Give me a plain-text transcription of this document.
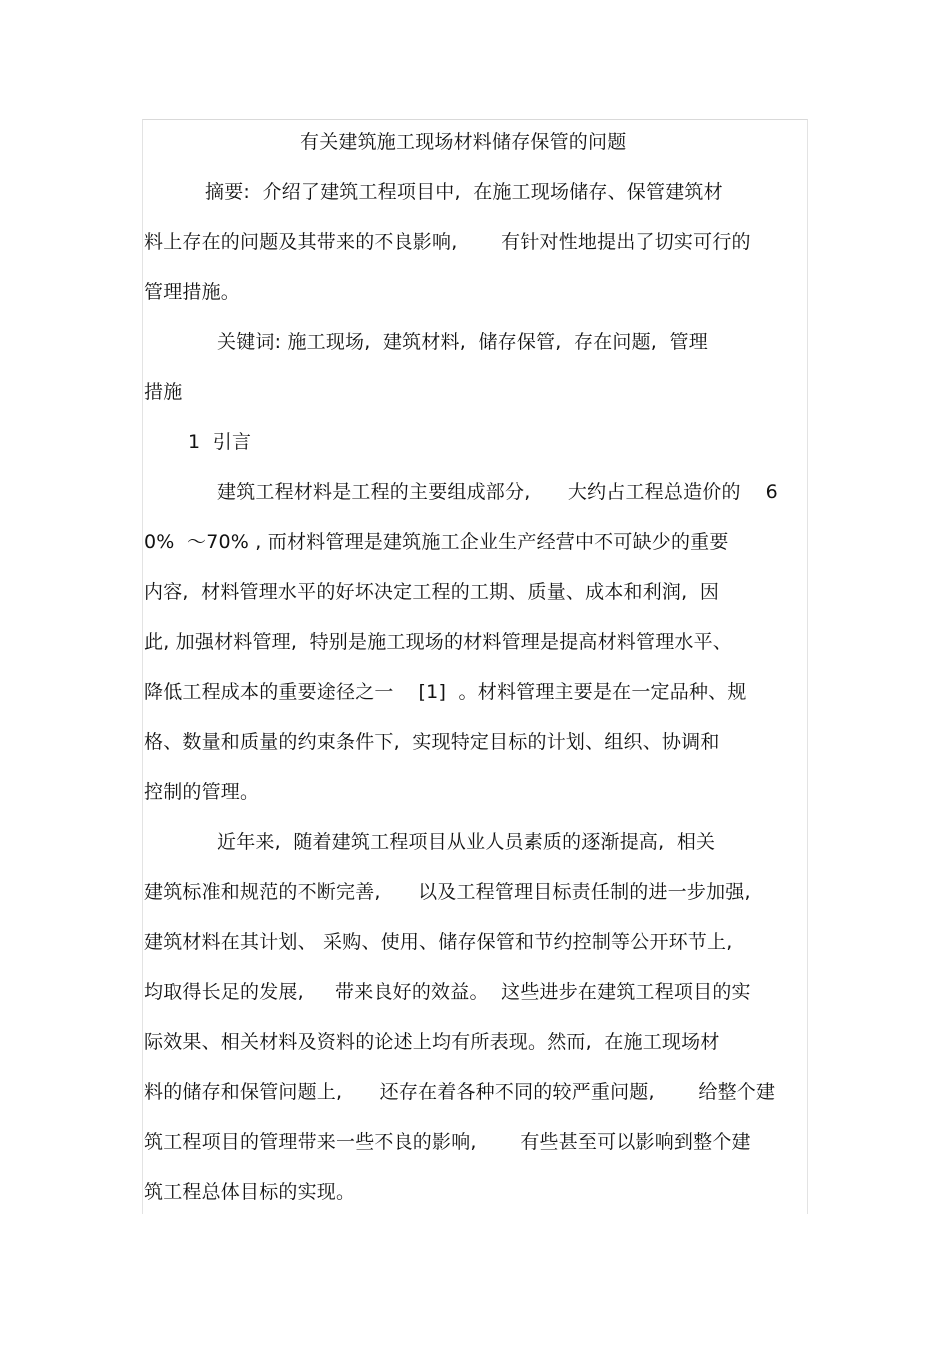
有关建筑施工现场材料储存保管的问题
摘要:  介绍了建筑工程项目中,  在施工现场储存、保管建筑材
料上存在的问题及其带来的不良影响,       有针对性地提出了切实可行的
管理措施。
关键词: 施工现场,  建筑材料,  储存保管,  存在问题,  管理
措施
1  引言
建筑工程材料是工程的主要组成部分,      大约占工程总造价的    6
0%  ～70% , 而材料管理是建筑施工企业生产经营中不可缺少的重要
内容,  材料管理水平的好坏决定工程的工期、质量、成本和利润,  因
此, 加强材料管理,  特别是施工现场的材料管理是提高材料管理水平、
降低工程成本的重要途径之一    [1]  。材料管理主要是在一定品种、规
格、数量和质量的约束条件下,  实现特定目标的计划、组织、协调和
控制的管理。
近年来,  随着建筑工程项目从业人员素质的逐渐提高,  相关
建筑标准和规范的不断完善,      以及工程管理目标责任制的进一步加强,
建筑材料在其计划、 采购、使用、储存保管和节约控制等公开环节上,
均取得长足的发展,     带来良好的效益。  这些进步在建筑工程项目的实
际效果、相关材料及资料的论述上均有所表现。然而,  在施工现场材
料的储存和保管问题上,      还存在着各种不同的较严重问题,       给整个建
筑工程项目的管理带来一些不良的影响,       有些甚至可以影响到整个建
筑工程总体目标的实现。
